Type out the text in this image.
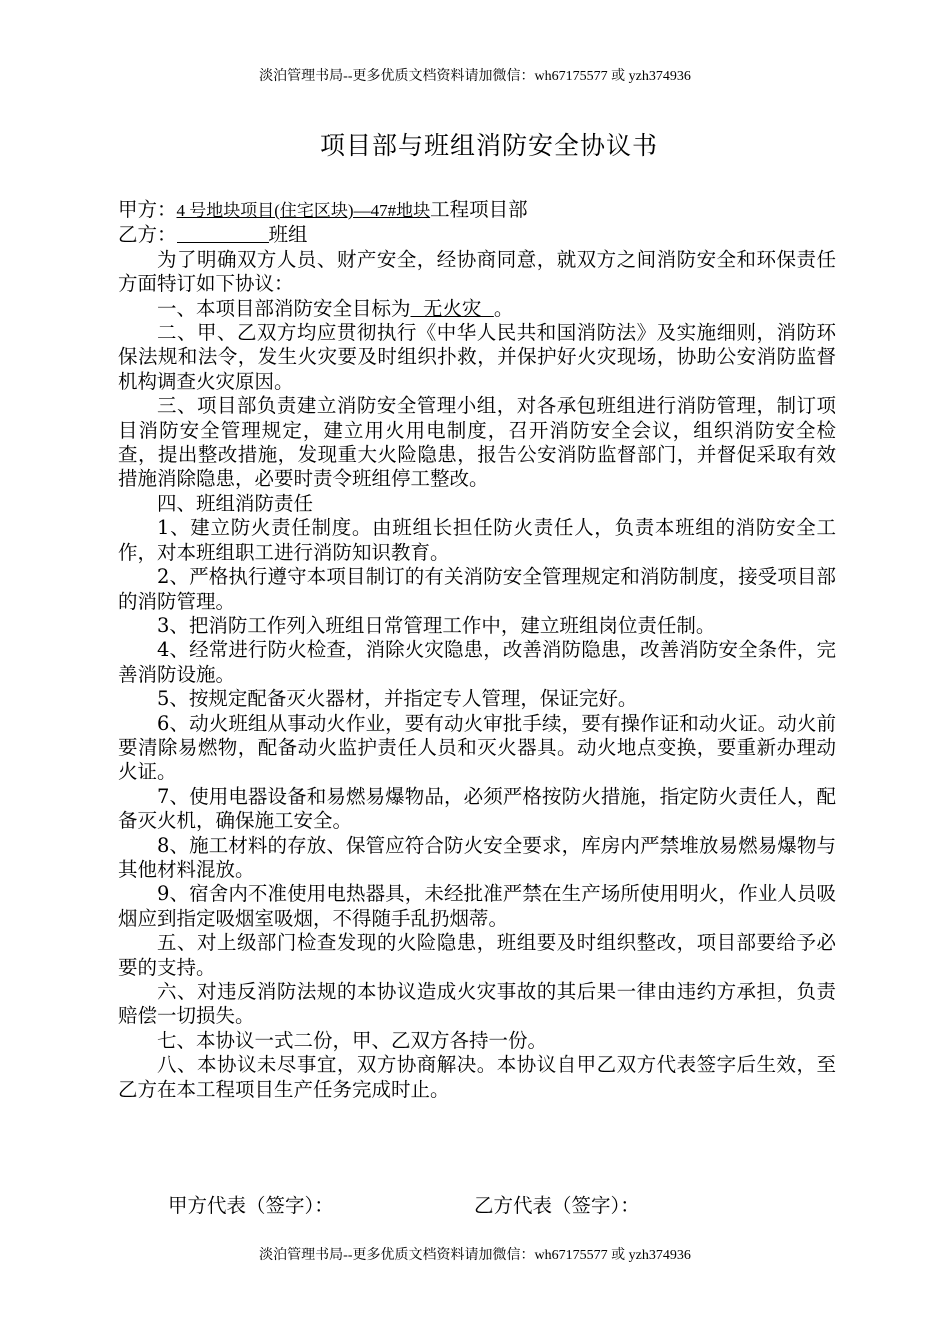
淡泊管理书局--更多优质文档资料请加微信：wh67175577 或 yzh374936
项目部与班组消防安全协议书
甲方：4 号地块项目(住宅区块)—47#地块工程项目部
乙方：	班组

为了明确双方人员、财产安全，经协商同意，就双方之间消防安全和环保责任方面特订如下协议：

一、本项目部消防安全目标为  无火灾  。

二、甲、乙双方均应贯彻执行《中华人民共和国消防法》及实施细则，消防环保法规和法令，发生火灾要及时组织扑救，并保护好火灾现场，协助公安消防监督机构调查火灾原因。

三、项目部负责建立消防安全管理小组，对各承包班组进行消防管理，制订项目消防安全管理规定，建立用火用电制度，召开消防安全会议，组织消防安全检查，提出整改措施，发现重大火险隐患，报告公安消防监督部门，并督促采取有效措施消除隐患，必要时责令班组停工整改。

四、班组消防责任

1、建立防火责任制度。由班组长担任防火责任人，负责本班组的消防安全工作，对本班组职工进行消防知识教育。

2、严格执行遵守本项目制订的有关消防安全管理规定和消防制度，接受项目部的消防管理。

3、把消防工作列入班组日常管理工作中，建立班组岗位责任制。

4、经常进行防火检查，消除火灾隐患，改善消防隐患，改善消防安全条件，完善消防设施。

5、按规定配备灭火器材，并指定专人管理，保证完好。

6、动火班组从事动火作业，要有动火审批手续，要有操作证和动火证。动火前要清除易燃物，配备动火监护责任人员和灭火器具。动火地点变换，要重新办理动火证。

7、使用电器设备和易燃易爆物品，必须严格按防火措施，指定防火责任人，配备灭火机，确保施工安全。

8、施工材料的存放、保管应符合防火安全要求，库房内严禁堆放易燃易爆物与其他材料混放。

9、宿舍内不准使用电热器具，未经批准严禁在生产场所使用明火，作业人员吸烟应到指定吸烟室吸烟，不得随手乱扔烟蒂。

五、对上级部门检查发现的火险隐患，班组要及时组织整改，项目部要给予必要的支持。

六、对违反消防法规的本协议造成火灾事故的其后果一律由违约方承担，负责赔偿一切损失。

七、本协议一式二份，甲、乙双方各持一份。

八、本协议未尽事宜，双方协商解决。本协议自甲乙双方代表签字后生效，至乙方在本工程项目生产任务完成时止。

甲方代表（签字）：	乙方代表（签字）：
淡泊管理书局--更多优质文档资料请加微信：wh67175577 或 yzh374936
